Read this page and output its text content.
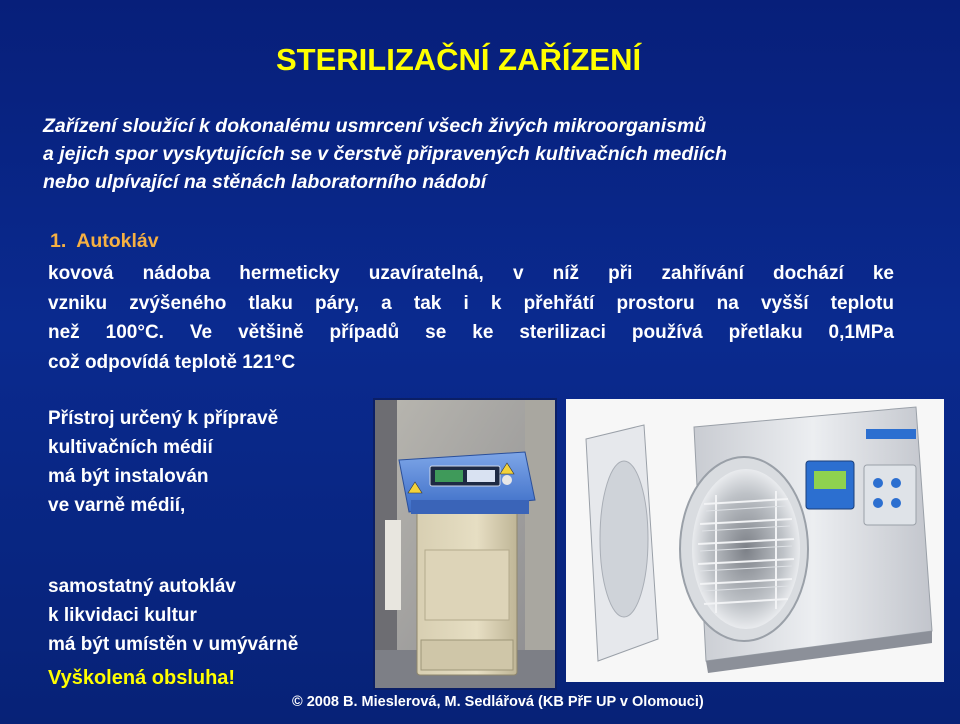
STERILIZAČNÍ ZAŘÍZENÍ
Zařízení sloužící k dokonalému usmrcení všech živých mikroorganismů
a jejich spor vyskytujících se v čerstvě připravených kultivačních mediích
nebo ulpívající na stěnách laboratorního nádobí
1. Autokláv
kovová nádoba hermeticky uzavíratelná, v níž při zahřívání dochází ke
vzniku zvýšeného tlaku páry, a tak i k přehřátí prostoru na vyšší teplotu
než 100°C. Ve většině případů se ke sterilizaci používá přetlaku 0,1MPa
což odpovídá teplotě 121°C
Přístroj určený k přípravě
kultivačních médií
má být instalován
ve varně médií,
samostatný autokláv
k likvidaci kultur
má být umístěn v umývárně
Vyškolená obsluha!
© 2008 B. Mieslerová, M. Sedlářová (KB PřF UP v Olomouci)
